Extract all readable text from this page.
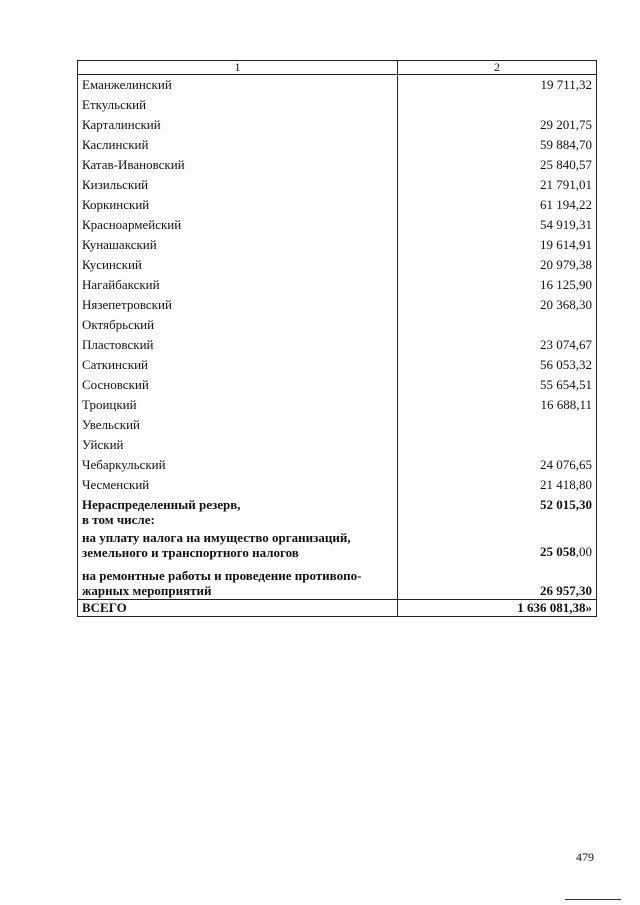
1	2
Еманжелинский	19 711,32
Еткульский	
Карталинский	29 201,75
Каслинский	59 884,70
Катав-Ивановский	25 840,57
Кизильский	21 791,01
Коркинский	61 194,22
Красноармейский	54 919,31
Кунашакский	19 614,91
Кусинский	20 979,38
Нагайбакский	16 125,90
Нязепетровский	20 368,30
Октябрьский	
Пластовский	23 074,67
Саткинский	56 053,32
Сосновский	55 654,51
Троицкий	16 688,11
Увельский	
Уйский	
Чебаркульский	24 076,65
Чесменский	21 418,80

Нераспределенный резерв,
в том числе:	52 015,30

на уплату налога на имущество организаций,
земельного и транспортного налогов	25 058,00

на ремонтные работы и проведение противопо-
жарных мероприятий	26 957,30
ВСЕГО	1 636 081,38»
479
